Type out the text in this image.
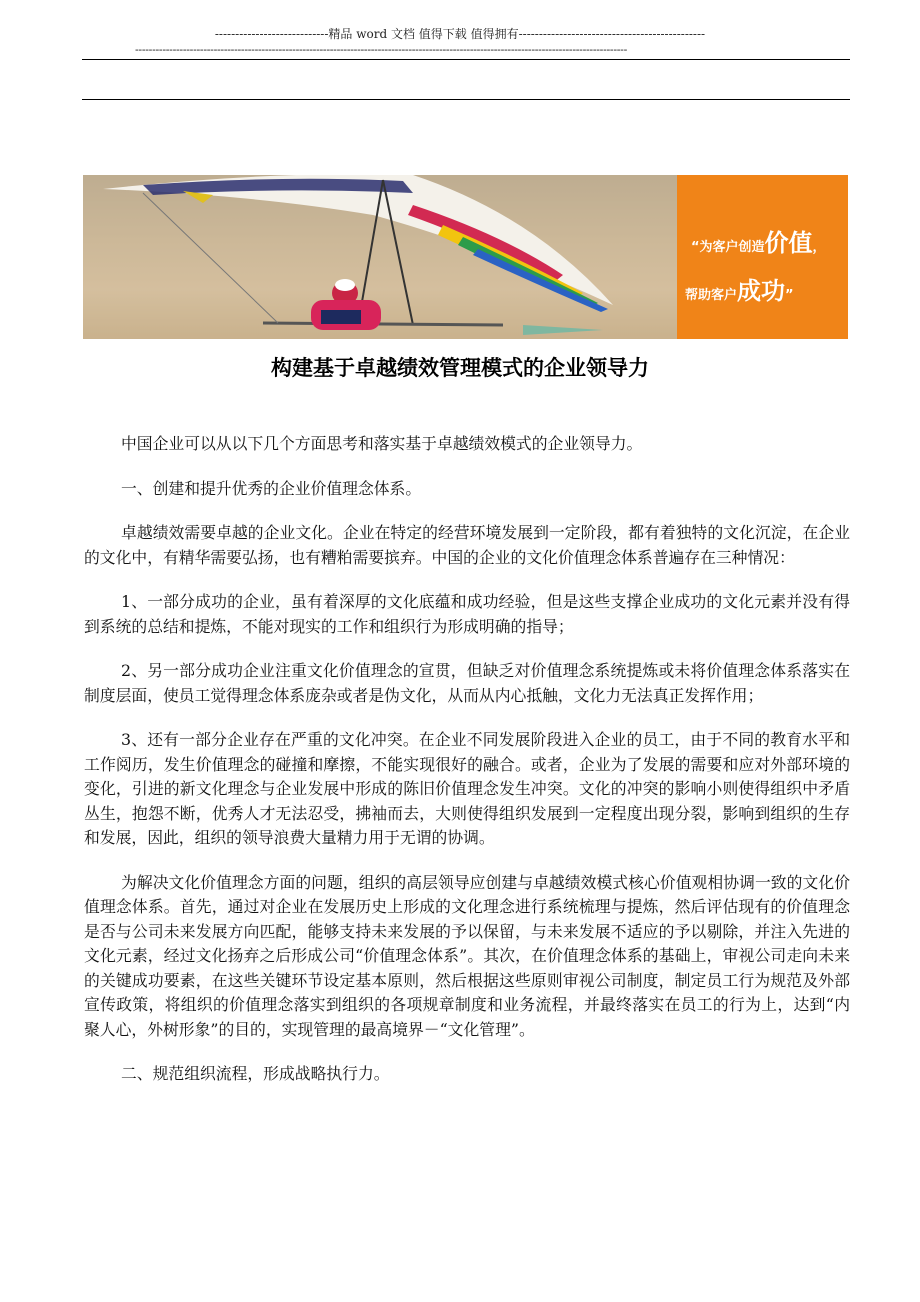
----------------------------精品 word 文档 值得下载 值得拥有----------------------------------------------
------------------------------------------------------------------------------------------------------------------------------------------------
“为客户创造价值，
帮助客户成功”
构建基于卓越绩效管理模式的企业领导力

中国企业可以从以下几个方面思考和落实基于卓越绩效模式的企业领导力。

一、创建和提升优秀的企业价值理念体系。

卓越绩效需要卓越的企业文化。企业在特定的经营环境发展到一定阶段，都有着独特的文化沉淀，在企业的文化中，有精华需要弘扬，也有糟粕需要摈弃。中国的企业的文化价值理念体系普遍存在三种情况：

1、一部分成功的企业，虽有着深厚的文化底蕴和成功经验，但是这些支撑企业成功的文化元素并没有得到系统的总结和提炼，不能对现实的工作和组织行为形成明确的指导；

2、另一部分成功企业注重文化价值理念的宣贯，但缺乏对价值理念系统提炼或未将价值理念体系落实在制度层面，使员工觉得理念体系庞杂或者是伪文化，从而从内心抵触，文化力无法真正发挥作用；

3、还有一部分企业存在严重的文化冲突。在企业不同发展阶段进入企业的员工，由于不同的教育水平和工作阅历，发生价值理念的碰撞和摩擦，不能实现很好的融合。或者，企业为了发展的需要和应对外部环境的变化，引进的新文化理念与企业发展中形成的陈旧价值理念发生冲突。文化的冲突的影响小则使得组织中矛盾丛生，抱怨不断，优秀人才无法忍受，拂袖而去，大则使得组织发展到一定程度出现分裂，影响到组织的生存和发展，因此，组织的领导浪费大量精力用于无谓的协调。

为解决文化价值理念方面的问题，组织的高层领导应创建与卓越绩效模式核心价值观相协调一致的文化价值理念体系。首先，通过对企业在发展历史上形成的文化理念进行系统梳理与提炼，然后评估现有的价值理念是否与公司未来发展方向匹配，能够支持未来发展的予以保留，与未来发展不适应的予以剔除，并注入先进的文化元素，经过文化扬弃之后形成公司“价值理念体系”。其次，在价值理念体系的基础上，审视公司走向未来的关键成功要素，在这些关键环节设定基本原则，然后根据这些原则审视公司制度，制定员工行为规范及外部宣传政策，将组织的价值理念落实到组织的各项规章制度和业务流程，并最终落实在员工的行为上，达到“内聚人心，外树形象”的目的，实现管理的最高境界－“文化管理”。

二、规范组织流程，形成战略执行力。
